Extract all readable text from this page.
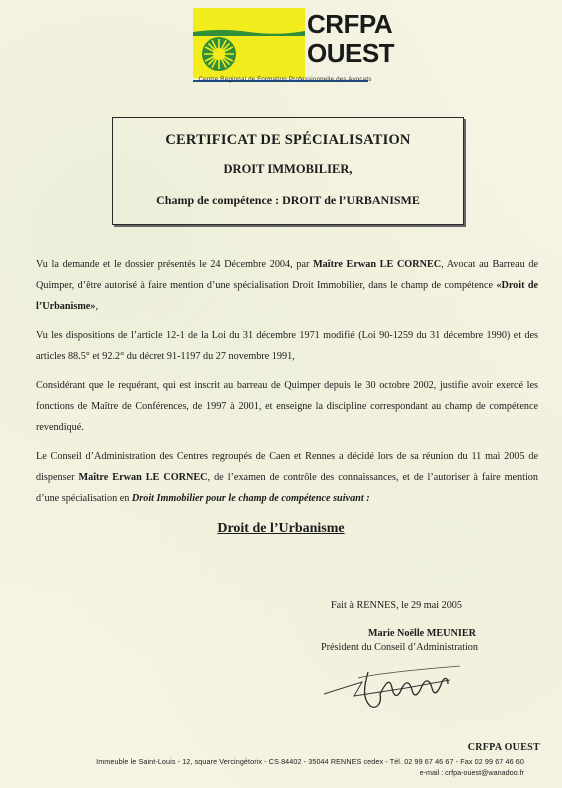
CRFPA
OUEST
Centre Régional de Formation Professionnelle des Avocats
CERTIFICAT DE SPÉCIALISATION
DROIT IMMOBILIER,
Champ de compétence : DROIT de l’URBANISME
Vu la demande et le dossier présentés le 24 Décembre 2004, par Maître Erwan LE CORNEC, Avocat au Barreau de Quimper, d’être autorisé à faire mention d’une spécialisation Droit Immobilier, dans le champ de compétence «Droit de l’Urbanisme»,
Vu les dispositions de l’article 12-1 de la Loi du 31 décembre 1971 modifié (Loi 90-1259 du 31 décembre 1990) et des articles 88.5° et 92.2° du décret 91-1197 du 27 novembre 1991,
Considérant que le requérant, qui est inscrit au barreau de Quimper depuis le 30 octobre 2002, justifie avoir exercé les fonctions de Maître de Conférences, de 1997 à 2001, et enseigne la discipline correspondant au champ de compétence revendiqué.
Le Conseil d’Administration des Centres regroupés de Caen et Rennes a décidé lors de sa réunion du 11 mai 2005 de dispenser Maître Erwan LE CORNEC, de l’examen de contrôle des connaissances, et de l’autoriser à faire mention d’une spécialisation en Droit Immobilier pour le champ de compétence suivant :
Droit de l’Urbanisme
Fait à RENNES, le 29 mai 2005
Marie Noëlle MEUNIER
Président du Conseil d’Administration
CRFPA OUEST
Immeuble le Saint-Louis - 12, square Vercingétorix - CS 84402 - 35044 RENNES cedex - Tél. 02 99 67 46 67 - Fax 02 99 67 46 60
e-mail : crfpa-ouest@wanadoo.fr
